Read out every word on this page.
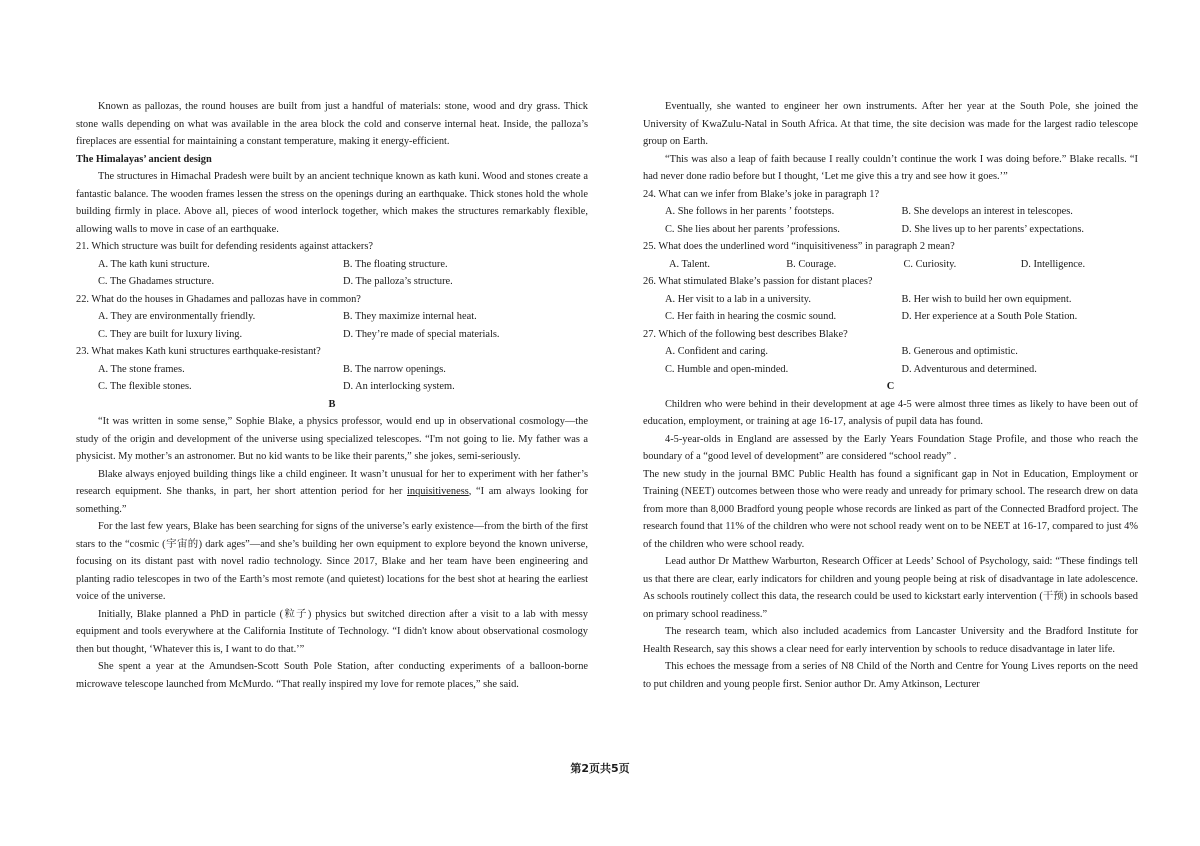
Known as pallozas, the round houses are built from just a handful of materials: stone, wood and dry grass. Thick stone walls depending on what was available in the area block the cold and conserve internal heat. Inside, the palloza’s fireplaces are essential for maintaining a constant temperature, making it energy-efficient.

The Himalayas’ ancient design

The structures in Himachal Pradesh were built by an ancient technique known as kath kuni. Wood and stones create a fantastic balance. The wooden frames lessen the stress on the openings during an earthquake. Thick stones hold the whole building firmly in place. Above all, pieces of wood interlock together, which makes the structures remarkably flexible, allowing walls to move in case of an earthquake.

21. Which structure was built for defending residents against attackers?

A. The kath kuni structure.	B. The floating structure.
C. The Ghadames structure.	D. The palloza’s structure.

22. What do the houses in Ghadames and pallozas have in common?

A. They are environmentally friendly.	B. They maximize internal heat.
C. They are built for luxury living.	D. They’re made of special materials.

23. What makes Kath kuni structures earthquake-resistant?

A. The stone frames.	B. The narrow openings.
C. The flexible stones.	D. An interlocking system.

B

“It was written in some sense,” Sophie Blake, a physics professor, would end up in observational cosmology—the study of the origin and development of the universe using specialized telescopes. “I'm not going to lie. My father was a physicist. My mother’s an astronomer. But no kid wants to be like their parents,” she jokes, semi-seriously.

Blake always enjoyed building things like a child engineer. It wasn’t unusual for her to experiment with her father’s research equipment. She thanks, in part, her short attention period for her inquisitiveness, “I am always looking for something.”

For the last few years, Blake has been searching for signs of the universe’s early existence—from the birth of the first stars to the “cosmic (宇宙的) dark ages”—and she’s building her own equipment to explore beyond the known universe, focusing on its distant past with novel radio technology. Since 2017, Blake and her team have been engineering and planting radio telescopes in two of the Earth’s most remote (and quietest) locations for the best shot at hearing the earliest voice of the universe.

Initially, Blake planned a PhD in particle (粒子) physics but switched direction after a visit to a lab with messy equipment and tools everywhere at the California Institute of Technology. “I didn't know about observational cosmology then but thought, ‘Whatever this is, I want to do that.’”

She spent a year at the Amundsen-Scott South Pole Station, after conducting experiments of a balloon-borne microwave telescope launched from McMurdo. “That really inspired my love for remote places,” she said.

Eventually, she wanted to engineer her own instruments. After her year at the South Pole, she joined the University of KwaZulu-Natal in South Africa. At that time, the site decision was made for the largest radio telescope group on Earth.

“This was also a leap of faith because I really couldn’t continue the work I was doing before.” Blake recalls. “I had never done radio before but I thought, ‘Let me give this a try and see how it goes.’”

24. What can we infer from Blake’s joke in paragraph 1?

A. She follows in her parents ’ footsteps.	B. She develops an interest in telescopes.
C. She lies about her parents ’professions.	D. She lives up to her parents’ expectations.

25. What does the underlined word “inquisitiveness” in paragraph 2 mean?

A. Talent.	B. Courage.	C. Curiosity.	D. Intelligence.

26. What stimulated Blake’s passion for distant places?

A. Her visit to a lab in a university.	B. Her wish to build her own equipment.
C. Her faith in hearing the cosmic sound.	D. Her experience at a South Pole Station.

27. Which of the following best describes Blake?

A. Confident and caring.	B. Generous and optimistic.
C. Humble and open-minded.	D. Adventurous and determined.

C

Children who were behind in their development at age 4-5 were almost three times as likely to have been out of education, employment, or training at age 16-17, analysis of pupil data has found.

4-5-year-olds in England are assessed by the Early Years Foundation Stage Profile, and those who reach the boundary of a “good level of development” are considered “school ready” .

The new study in the journal BMC Public Health has found a significant gap in Not in Education, Employment or Training (NEET) outcomes between those who were ready and unready for primary school. The research drew on data from more than 8,000 Bradford young people whose records are linked as part of the Connected Bradford project. The research found that 11% of the children who were not school ready went on to be NEET at 16-17, compared to just 4% of the children who were school ready.

Lead author Dr Matthew Warburton, Research Officer at Leeds’ School of Psychology, said: “These findings tell us that there are clear, early indicators for children and young people being at risk of disadvantage in late adolescence. As schools routinely collect this data, the research could be used to kickstart early intervention (干预) in schools based on primary school readiness.”

The research team, which also included academics from Lancaster University and the Bradford Institute for Health Research, say this shows a clear need for early intervention by schools to reduce disadvantage in later life.

This echoes the message from a series of N8 Child of the North and Centre for Young Lives reports on the need to put children and young people first. Senior author Dr. Amy Atkinson, Lecturer

第2页共5页
